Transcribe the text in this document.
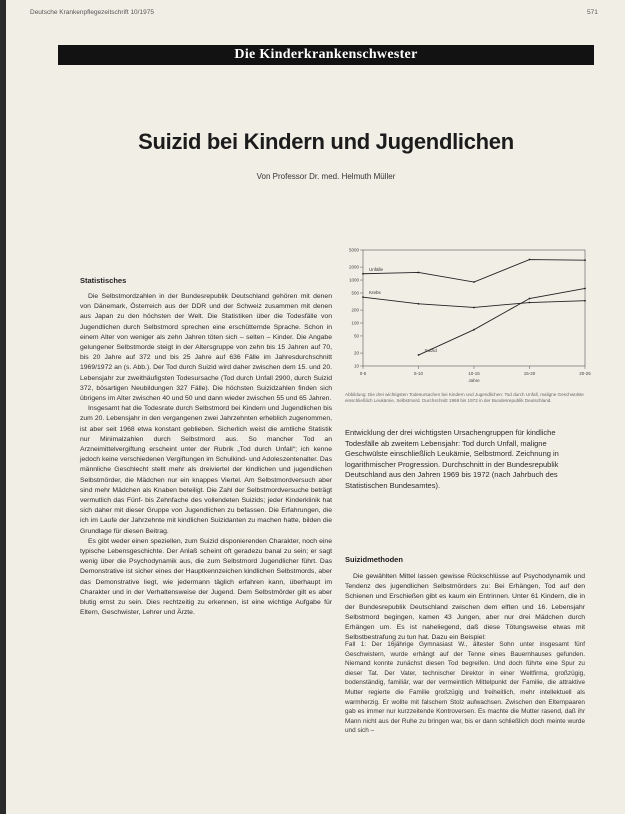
Deutsche Krankenpflegezeitschrift 10/1975	571
Die Kinderkrankenschwester
Suizid bei Kindern und Jugendlichen
Von Professor Dr. med. Helmuth Müller
Statistisches

Die Selbstmordzahlen in der Bundesrepublik Deutschland gehören mit denen von Dänemark, Österreich aus der DDR und der Schweiz zusammen mit denen aus Japan zu den höchsten der Welt. Die Statistiken über die Todesfälle von Jugendlichen durch Selbstmord sprechen eine erschütternde Sprache. Schon in einem Alter von weniger als zehn Jahren töten sich – selten – Kinder. Die Angabe gelungener Selbstmorde steigt in der Altersgruppe von zehn bis 15 Jahren auf 70, bis 20 Jahre auf 372 und bis 25 Jahre auf 636 Fälle im Jahresdurchschnitt 1969/1972 an (s. Abb.). Der Tod durch Suizid wird daher zwischen dem 15. und 20. Lebensjahr zur zweithäufigsten Todesursache (Tod durch Unfall 2900, durch Suizid 372, bösartigen Neubildungen 327 Fälle). Die höchsten Suizidzahlen finden sich übrigens im Alter zwischen 40 und 50 und dann wieder zwischen 55 und 65 Jahren.

Insgesamt hat die Todesrate durch Selbstmord bei Kindern und Jugendlichen bis zum 20. Lebensjahr in den vergangenen zwei Jahrzehnten erheblich zugenommen, ist aber seit 1968 etwa konstant geblieben. Sicherlich weist die amtliche Statistik nur Minimalzahlen durch Selbstmord aus. So mancher Tod an Arzneimittelvergiftung erscheint unter der Rubrik „Tod durch Unfall“; ich kenne jedoch keine verschiedenen Vergiftungen im Schulkind- und Adoleszentenalter. Das männliche Geschlecht stellt mehr als dreiviertel der kindlichen und jugendlichen Selbstmörder, die Mädchen nur ein knappes Viertel. Am Selbstmordversuch aber sind mehr Mädchen als Knaben beteiligt. Die Zahl der Selbstmordversuche beträgt vermutlich das Fünf- bis Zehnfache des vollendeten Suizids; jeder Kinderklinik hat sich daher mit dieser Gruppe von Jugendlichen zu befassen. Die Erfahrungen, die ich im Laufe der Jahrzehnte mit kindlichen Suizidanten zu machen hatte, bilden die Grundlage für diesen Beitrag.

Es gibt weder einen speziellen, zum Suizid disponierenden Charakter, noch eine typische Lebensgeschichte. Der Anlaß scheint oft geradezu banal zu sein; er sagt wenig über die Psychodynamik aus, die zum Selbstmord Jugendlicher führt. Das Demonstrative ist sicher eines der Hauptkennzeichen kindlichen Selbstmords, aber das Demonstrative liegt, wie jedermann täglich erfahren kann, überhaupt im Charakter und in der Verhaltensweise der Jugend. Dem Selbstmörder gilt es aber blutig ernst zu sein. Dies rechtzeitig zu erkennen, ist eine wichtige Aufgabe für Eltern, Geschwister, Lehrer und Ärzte.

5000
2000
1000
500
200
100
50
20
10
0-5	5-10	10-15	15-20	20-25
Jahre
Unfälle
Krebs
Suizid
Abbildung: Die drei wichtigsten Todesursachen bei Kindern und Jugendlichen: Tod durch Unfall, maligne Geschwülste einschließlich Leukämie, Selbstmord. Durchschnitt 1969 bis 1972 in der Bundesrepublik Deutschland.
Entwicklung der drei wichtigsten Ursachengruppen für kindliche Todesfälle ab zweitem Lebensjahr: Tod durch Unfall, maligne Geschwülste einschließlich Leukämie, Selbstmord. Zeichnung in logarithmischer Progression. Durchschnitt in der Bundesrepublik Deutschland aus den Jahren 1969 bis 1972 (nach Jahrbuch des Statistischen Bundesamtes).
Suizidmethoden

Die gewählten Mittel lassen gewisse Rückschlüsse auf Psychodynamik und Tendenz des jugendlichen Selbstmörders zu: Bei Erhängen, Tod auf den Schienen und Erschießen gibt es kaum ein Entrinnen. Unter 61 Kindern, die in der Bundesrepublik Deutschland zwischen dem elften und 16. Lebensjahr Selbstmord begingen, kamen 43 Jungen, aber nur drei Mädchen durch Erhängen um. Es ist naheliegend, daß diese Tötungsweise etwas mit Selbstbestrafung zu tun hat. Dazu ein Beispiel:

Fall 1: Der 16jährige Gymnasiast W., ältester Sohn unter insgesamt fünf Geschwistern, wurde erhängt auf der Tenne eines Bauernhauses gefunden. Niemand konnte zunächst diesen Tod begreifen. Und doch führte eine Spur zu dieser Tat. Der Vater, technischer Direktor in einer Weltfirma, großzügig, bodenständig, familiär, war der vermeintlich Mittelpunkt der Familie, die attraktive Mutter regierte die Familie großzügig und freiheitlich, mehr intellektuell als warmherzig. Er wollte mit falschem Stolz aufwachsen. Zwischen den Elternpaaren gab es immer nur kurzzeitende Kontroversen. Es machte die Mutter rasend, daß ihr Mann nicht aus der Ruhe zu bringen war, bis er dann schließlich doch meinte wurde und sich –
